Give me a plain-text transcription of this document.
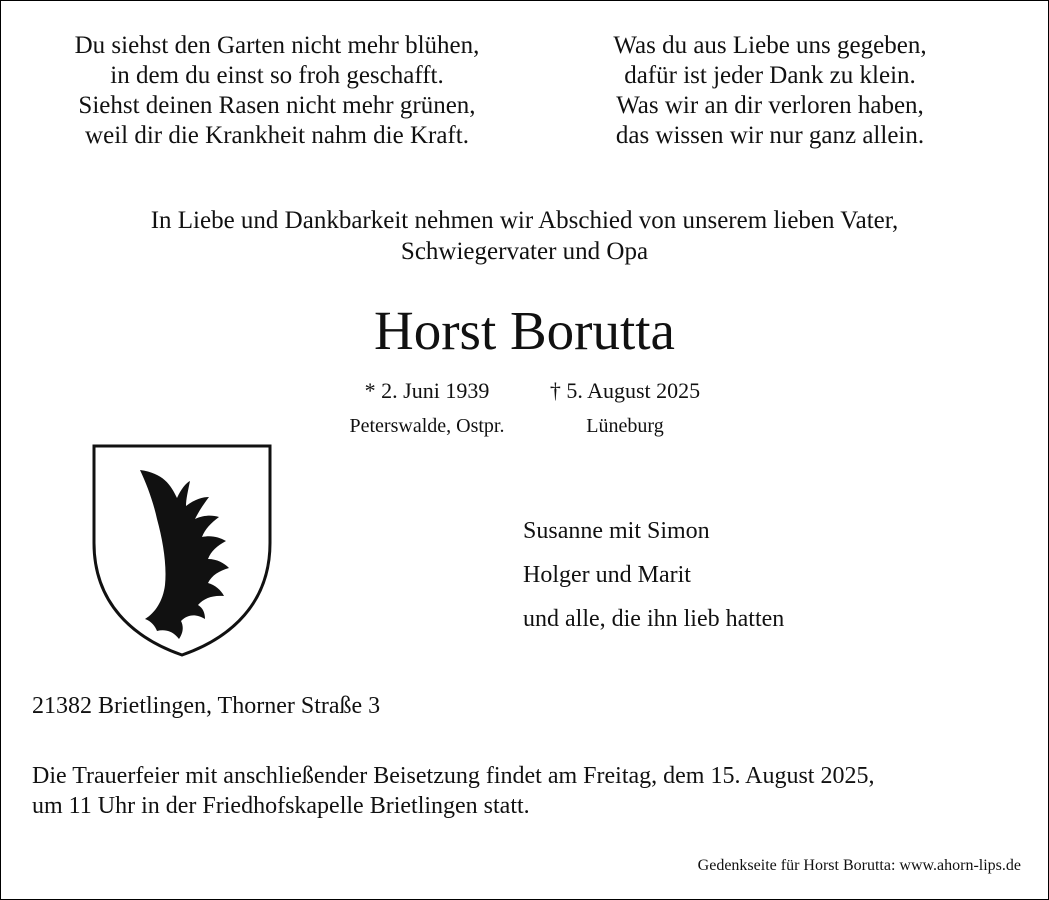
Du siehst den Garten nicht mehr blühen,
in dem du einst so froh geschafft.
Siehst deinen Rasen nicht mehr grünen,
weil dir die Krankheit nahm die Kraft.
Was du aus Liebe uns gegeben,
dafür ist jeder Dank zu klein.
Was wir an dir verloren haben,
das wissen wir nur ganz allein.
In Liebe und Dankbarkeit nehmen wir Abschied von unserem lieben Vater,
Schwiegervater und Opa
Horst Borutta
* 2. Juni 1939	† 5. August 2025
Peterswalde, Ostpr.	Lüneburg
Susanne mit Simon
Holger und Marit
und alle, die ihn lieb hatten
21382 Brietlingen, Thorner Straße 3
Die Trauerfeier mit anschließender Beisetzung findet am Freitag, dem 15. August 2025,
um 11 Uhr in der Friedhofskapelle Brietlingen statt.
Gedenkseite für Horst Borutta: www.ahorn-lips.de
